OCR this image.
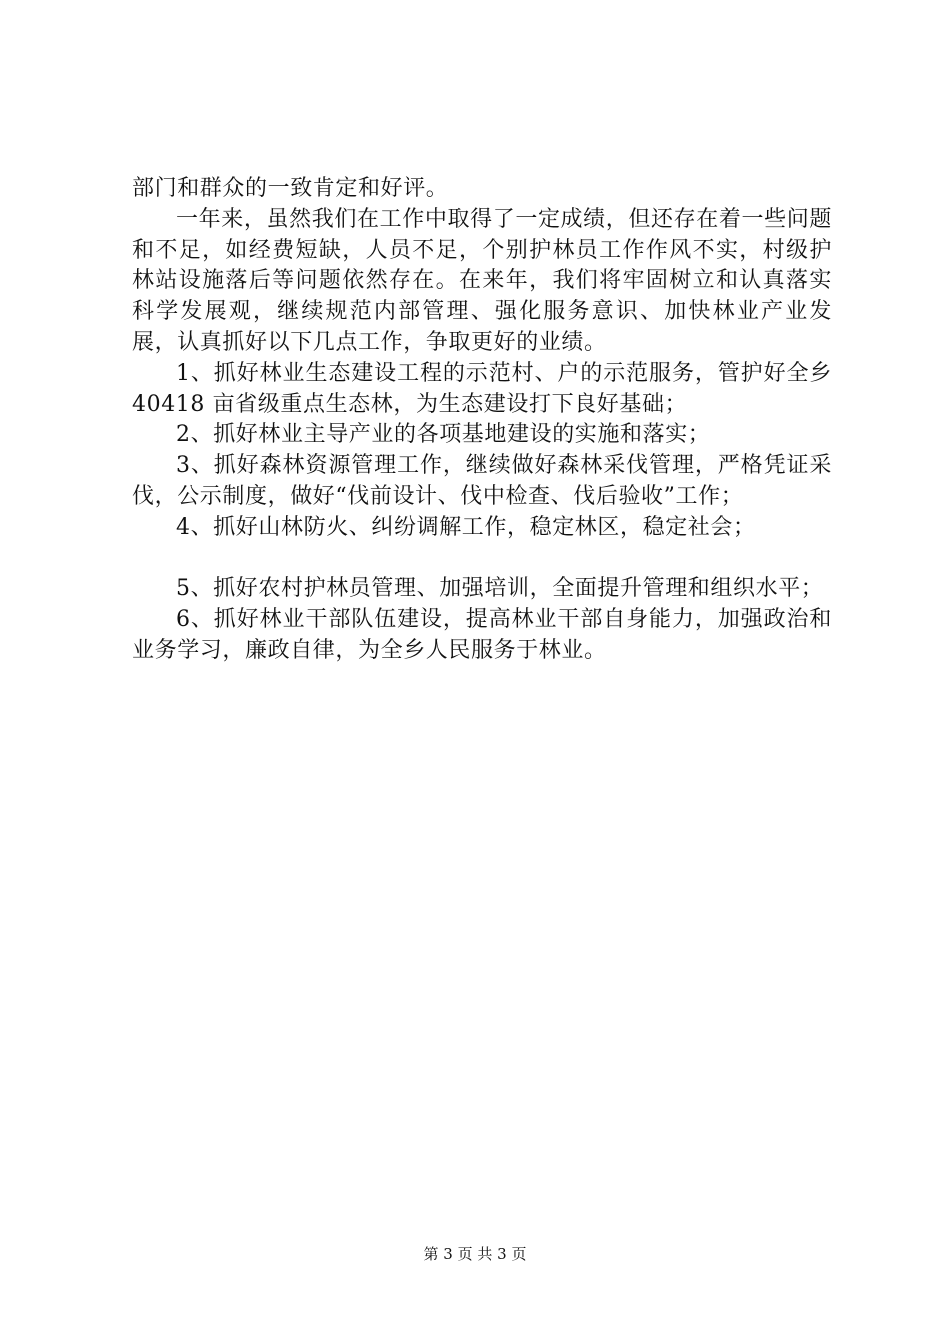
部门和群众的一致肯定和好评。

一年来，虽然我们在工作中取得了一定成绩，但还存在着一些问题和不足，如经费短缺，人员不足，个别护林员工作作风不实，村级护林站设施落后等问题依然存在。在来年，我们将牢固树立和认真落实科学发展观，继续规范内部管理、强化服务意识、加快林业产业发展，认真抓好以下几点工作，争取更好的业绩。

1、抓好林业生态建设工程的示范村、户的示范服务，管护好全乡 40418 亩省级重点生态林，为生态建设打下良好基础；

2、抓好林业主导产业的各项基地建设的实施和落实；

3、抓好森林资源管理工作，继续做好森林采伐管理，严格凭证采伐，公示制度，做好“伐前设计、伐中检查、伐后验收”工作；

4、抓好山林防火、纠纷调解工作，稳定林区，稳定社会；

5、抓好农村护林员管理、加强培训，全面提升管理和组织水平；

6、抓好林业干部队伍建设，提高林业干部自身能力，加强政治和业务学习，廉政自律，为全乡人民服务于林业。

第 3 页 共 3 页
